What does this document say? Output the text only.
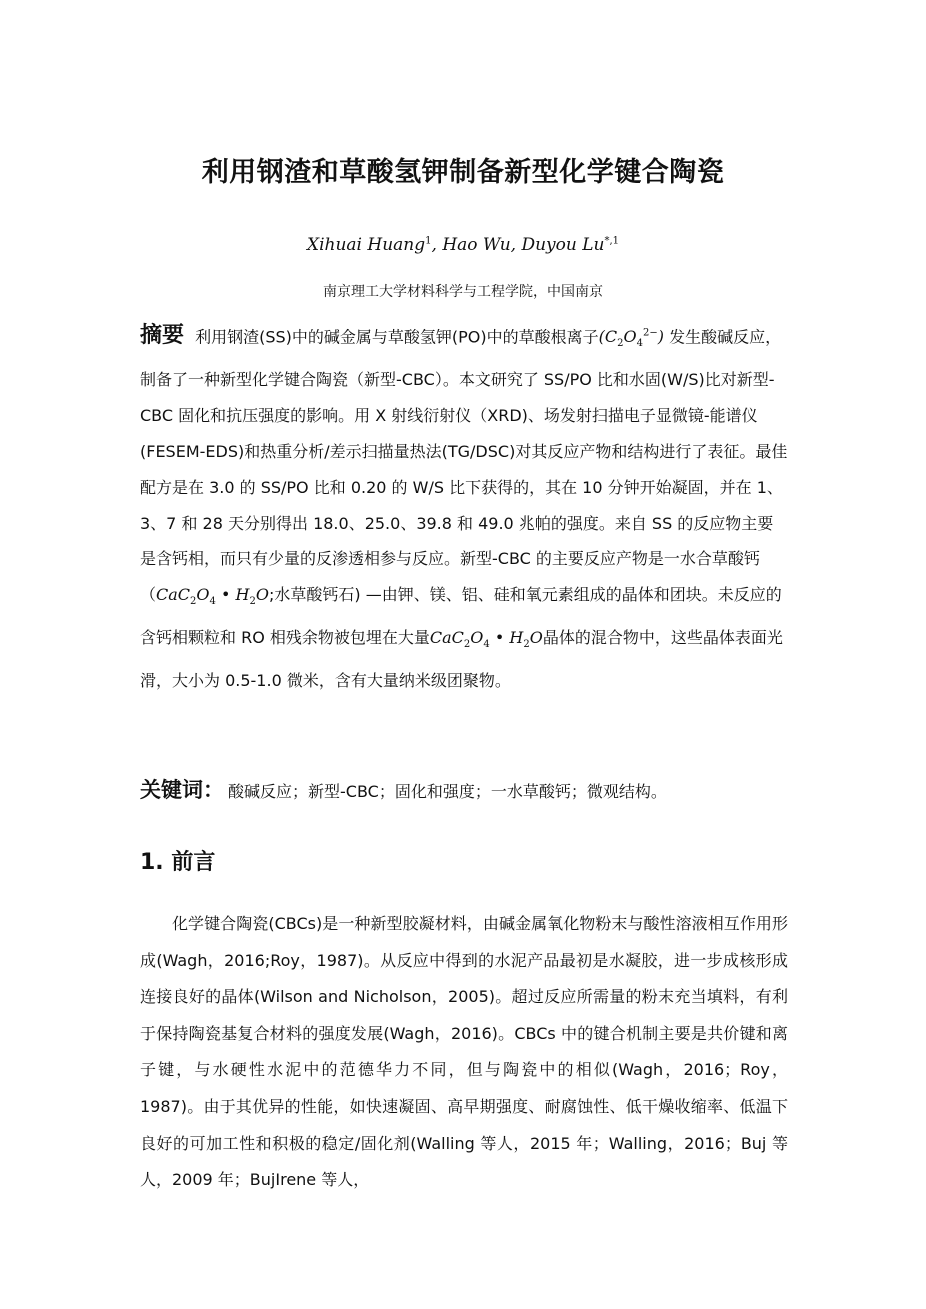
利用钢渣和草酸氢钾制备新型化学键合陶瓷
Xihuai Huang$^1$, Hao Wu, Duyou $Lu^{*,1}$
南京理工大学材料科学与工程学院，中国南京
摘要 利用钢渣(SS)中的碱金属与草酸氢钾(PO)中的草酸根离子$(C_2O_4^{2-})$ 发生酸碱反应，制备了一种新型化学键合陶瓷（新型-CBC）。本文研究了 SS/PO 比和水固(W/S)比对新型-CBC 固化和抗压强度的影响。用 X 射线衍射仪（XRD)、场发射扫描电子显微镜-能谱仪(FESEM-EDS)和热重分析/差示扫描量热法(TG/DSC)对其反应产物和结构进行了表征。最佳配方是在 3.0 的 SS/PO 比和 0.20 的 W/S 比下获得的，其在 10 分钟开始凝固，并在 1、3、7 和 28 天分别得出 18.0、25.0、39.8 和 49.0 兆帕的强度。来自 SS 的反应物主要是含钙相，而只有少量的反渗透相参与反应。新型-CBC 的主要反应产物是一水合草酸钙（$CaC_2O_4$ • $H_2O$;水草酸钙石) —由钾、镁、铝、硅和氧元素组成的晶体和团块。未反应的含钙相颗粒和 RO 相残余物被包埋在大量$CaC_2O_4$ • $H_2O$晶体的混合物中，这些晶体表面光滑，大小为 0.5-1.0 微米，含有大量纳米级团聚物。
关键词： 酸碱反应；新型-CBC；固化和强度；一水草酸钙；微观结构。
1. 前言
化学键合陶瓷(CBCs)是一种新型胶凝材料，由碱金属氧化物粉末与酸性溶液相互作用形成(Wagh，2016;Roy，1987)。从反应中得到的水泥产品最初是水凝胶，进一步成核形成连接良好的晶体(Wilson and Nicholson，2005)。超过反应所需量的粉末充当填料，有利于保持陶瓷基复合材料的强度发展(Wagh，2016)。CBCs 中的键合机制主要是共价键和离子键，与水硬性水泥中的范德华力不同，但与陶瓷中的相似(Wagh，2016；Roy，1987)。由于其优异的性能，如快速凝固、高早期强度、耐腐蚀性、低干燥收缩率、低温下良好的可加工性和积极的稳定/固化剂(Walling 等人，2015 年；Walling，2016；Buj 等人，2009 年；BujIrene 等人，
